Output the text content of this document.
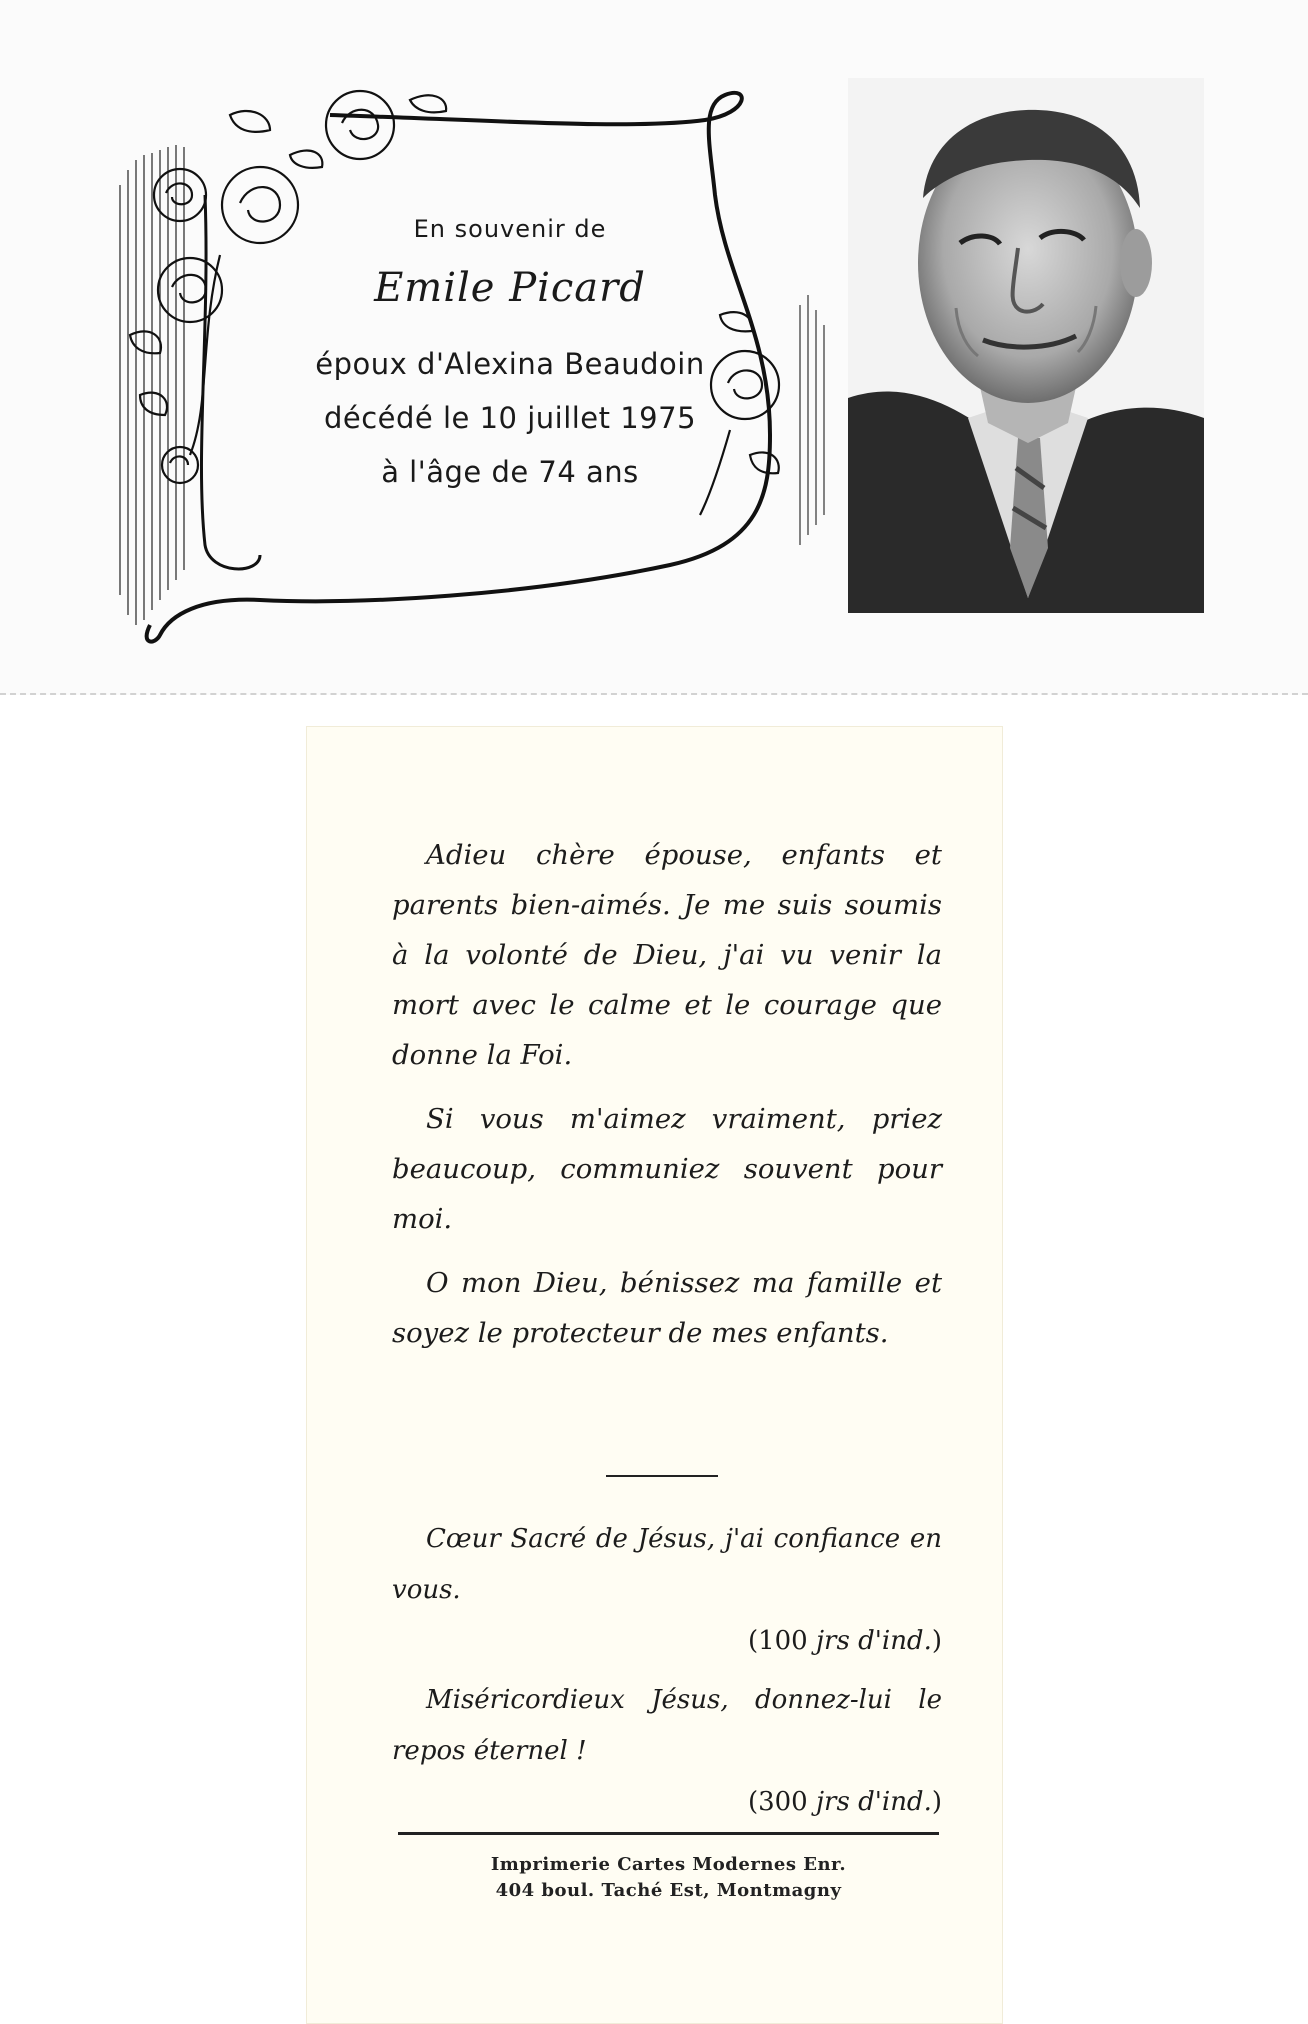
En souvenir de
Emile Picard
époux d'Alexina Beaudoin
décédé le 10 juillet 1975
à l'âge de 74 ans

Adieu chère épouse, enfants et parents bien-aimés. Je me suis soumis à la volonté de Dieu, j'ai vu venir la mort avec le calme et le courage que donne la Foi.

Si vous m'aimez vraiment, priez beaucoup, communiez souvent pour moi.

O mon Dieu, bénissez ma famille et soyez le protecteur de mes enfants.

Cœur Sacré de Jésus, j'ai confiance en vous.

(100 jrs d'ind.)

Miséricordieux Jésus, donnez-lui le repos éternel !

(300 jrs d'ind.)

Imprimerie Cartes Modernes Enr.
404 boul. Taché Est, Montmagny
